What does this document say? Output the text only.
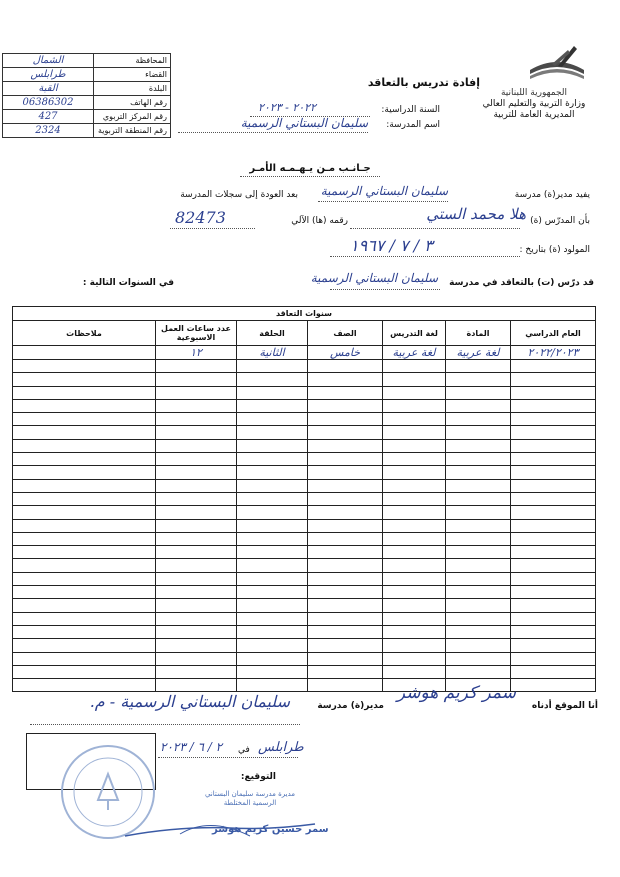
الجمهورية اللبنانية
وزارة التربية والتعليم العالي
المديرية العامة للتربية
إفادة تدريس بالتعاقد
السنة الدراسية:
٢٠٢٢ - ٢٠٢٣
اسم المدرسة:
سليمان البستاني الرسمية
الشمال	المحافظة
طرابلس	القضاء
القبة	البلدة
06386302	رقم الهاتف
427	رقم المركز التربوي
2324	رقم المنطقة التربوية
جـانـب مـن يـهـمـه الأمـر
يفيد مدير(ة) مدرسة
سليمان البستاني الرسمية
بعد العودة إلى سجلات المدرسة
بأن المدرّس (ة)
هلا محمد الستي
رقمه (ها) الآلي
82473
المولود (ة) بتاريخ :
٣ / ٧ / ١٩٦٧
قد درّس (ت) بالتعاقد في مدرسة
سليمان البستاني الرسمية
في السنوات التالية :
سنوات التعاقد						
العام الدراسي	المادة	لغة التدريس	الصف	الحلقة	عدد ساعات العمل الاسبوعية	ملاحظات
٢٠٢٢/٢٠٢٣	لغة عربية	لغة عربية	خامس	الثانية	١٢	

أنا الموقع أدناه
سمر كريم هوشر
مدير(ة) مدرسة
سليمان البستاني الرسمية - م.
طرابلس
في
٢ / ٦ / ٢٠٢٣
التوقيع:
مديرة مدرسة سليمان البستاني الرسمية المختلطة
سمر حسين كريم هوشر
